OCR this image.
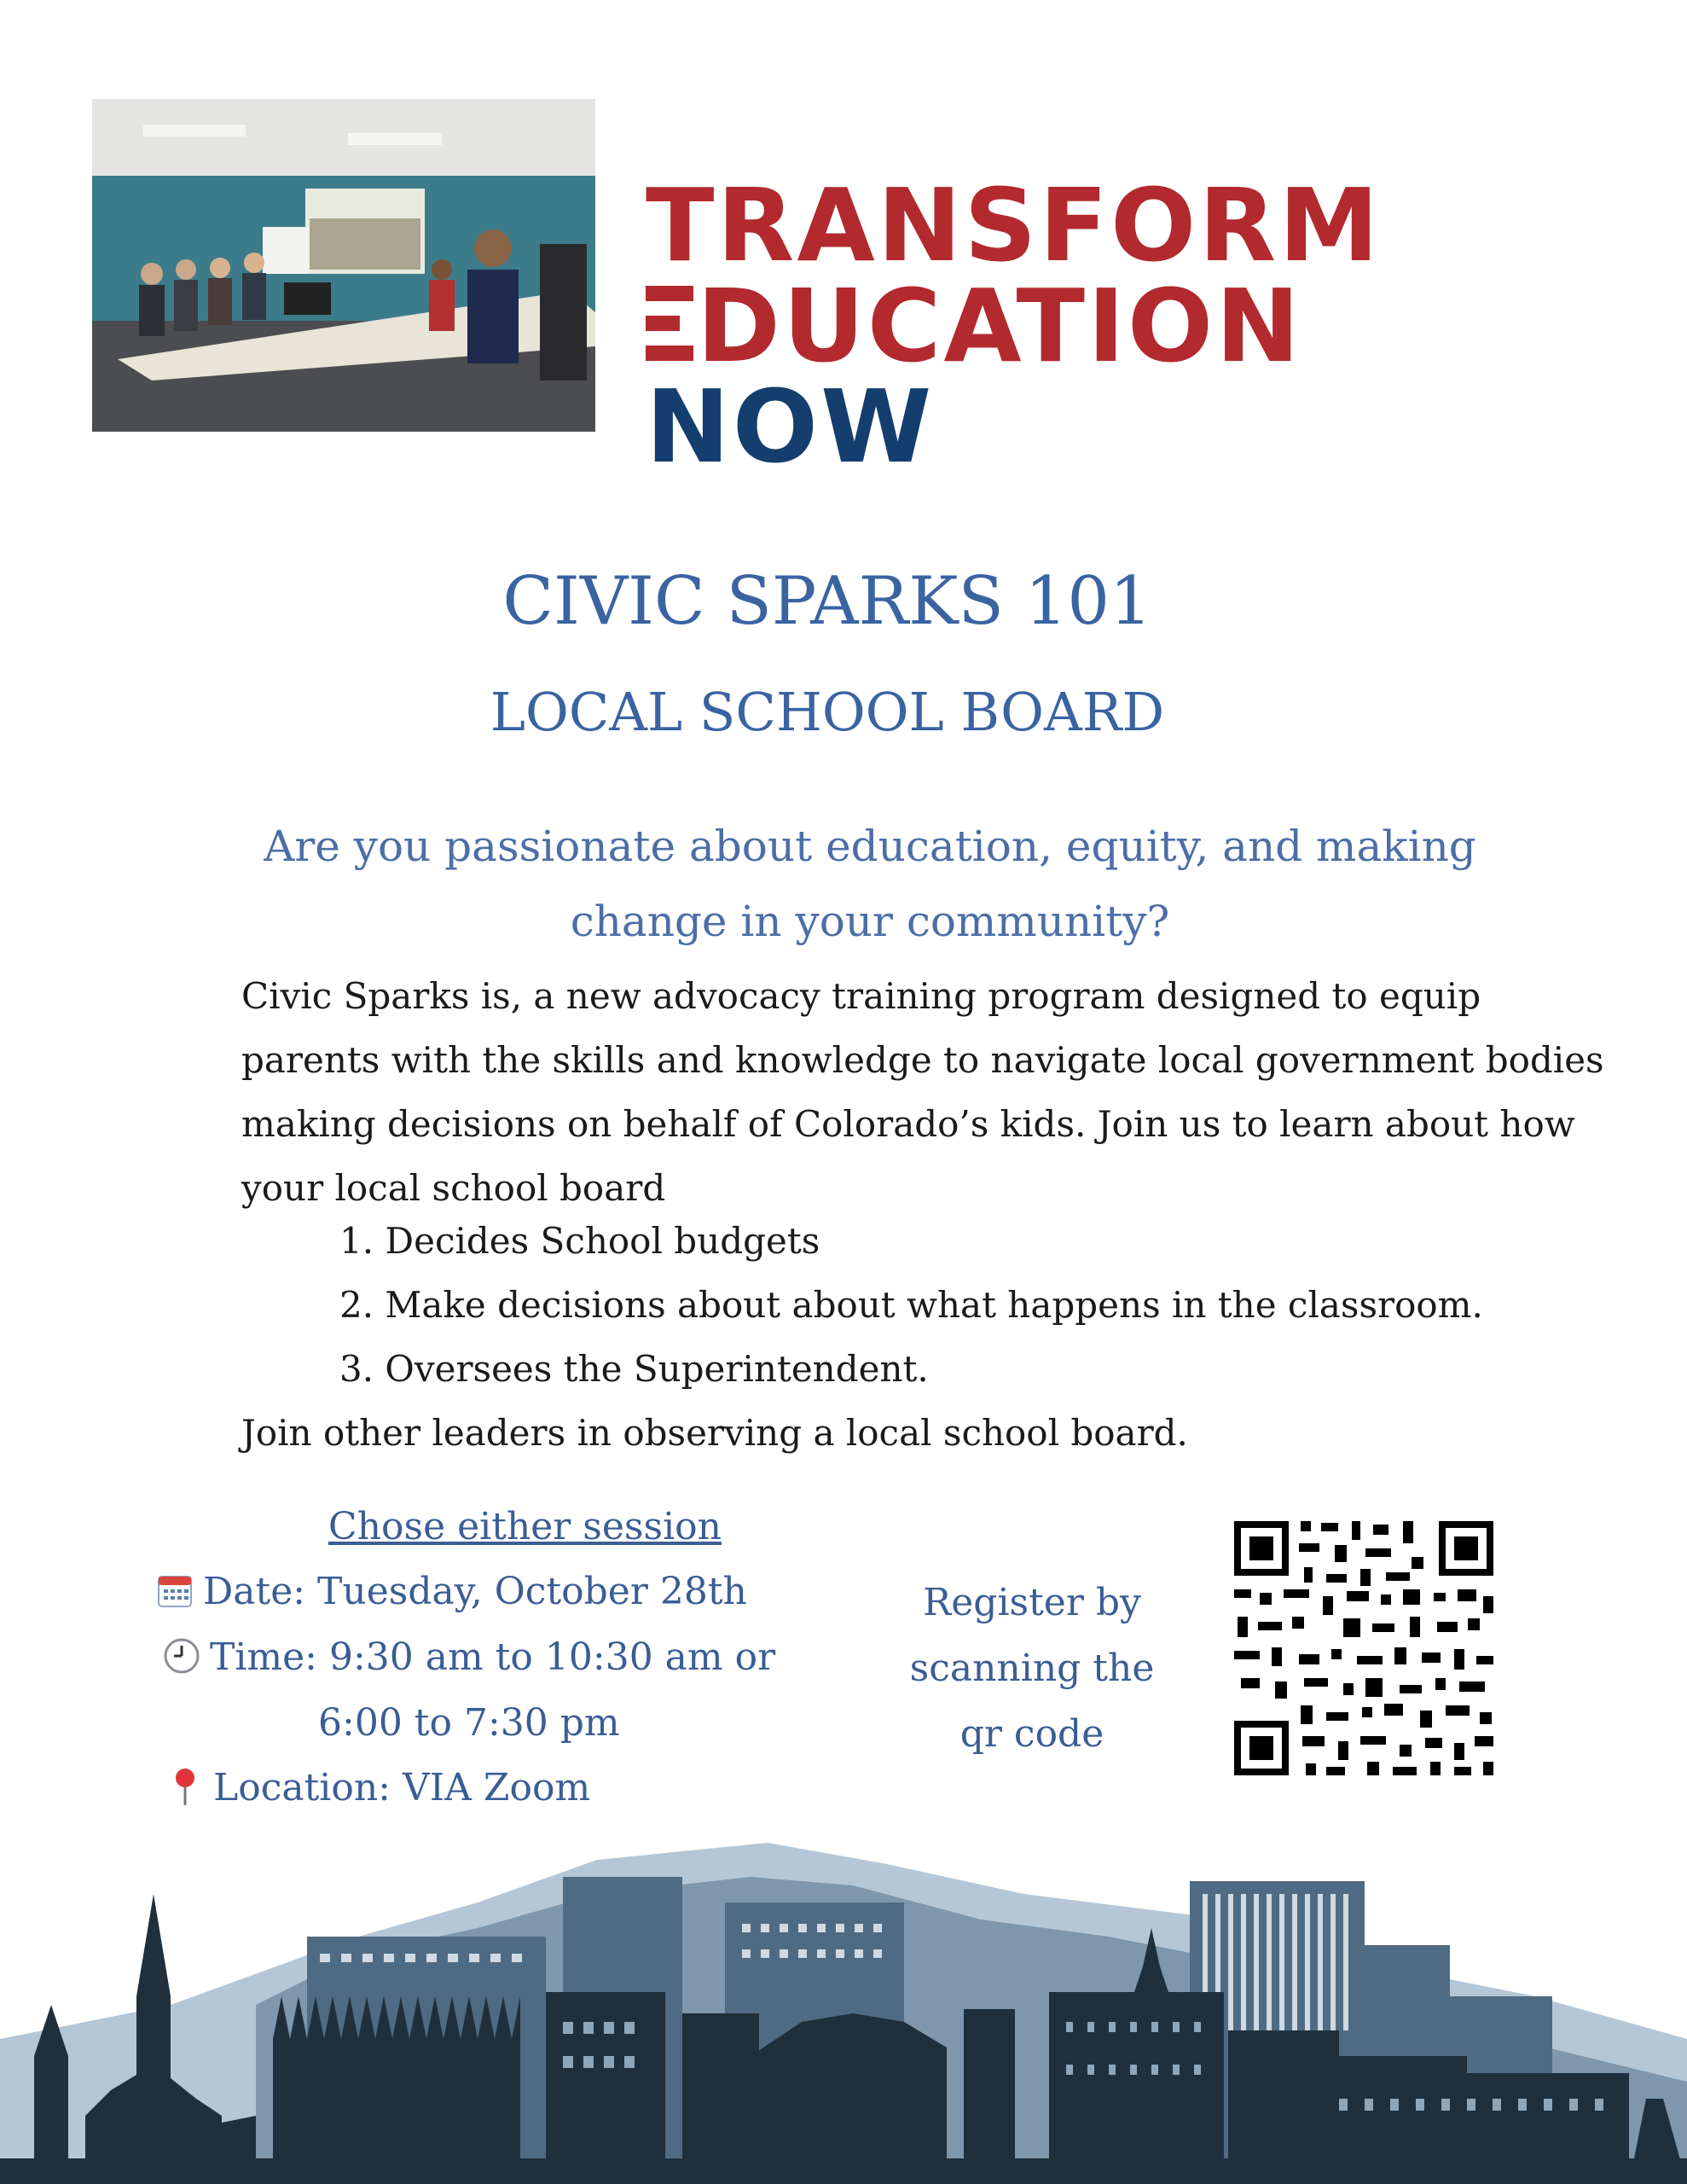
TRANSFORM
DUCATION
NOW
CIVIC SPARKS 101
LOCAL SCHOOL BOARD
Are you passionate about education, equity, and making change in your community?
Civic Sparks is, a new advocacy training program designed to equip parents with the skills and knowledge to navigate local government bodies making decisions on behalf of Colorado’s kids. Join us to learn about how your local school board
1. Decides School budgets
2. Make decisions about about what happens in the classroom.
3. Oversees the Superintendent.
Join other leaders in observing a local school board.
Chose either session
Date: Tuesday, October 28th
Time: 9:30 am to 10:30 am or
6:00 to 7:30 pm
Location: VIA Zoom
Register by
scanning the
qr code
